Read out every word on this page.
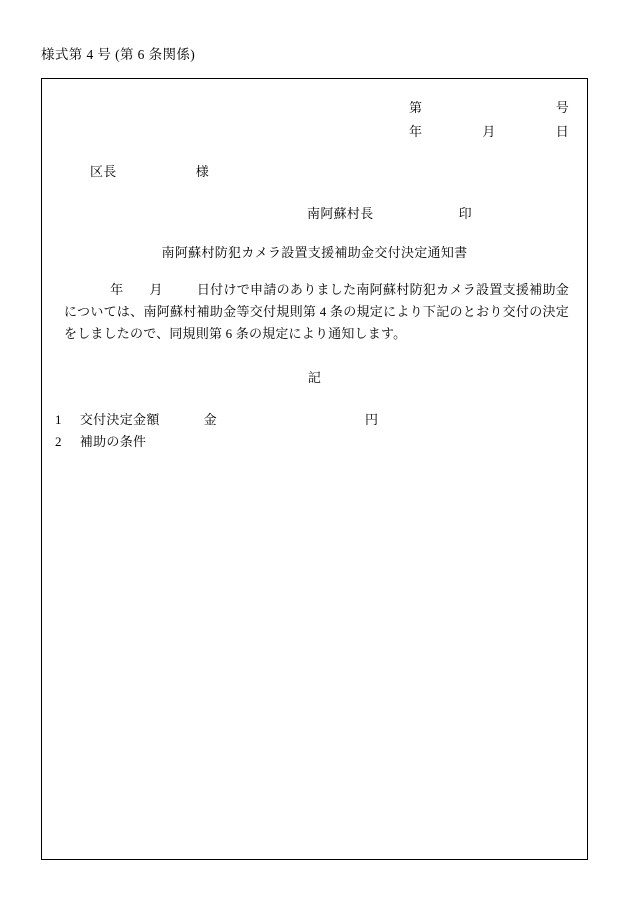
様式第 4 号 (第 6 条関係)
第	号
年	月	日
区長	様
南阿蘇村長	印
南阿蘇村防犯カメラ設置支援補助金交付決定通知書
年 月	日付けで申請のありました南阿蘇村防犯カメラ設置支援補助金については、南阿蘇村補助金等交付規則第 4 条の規定により下記のとおり交付の決定をしましたので、同規則第 6 条の規定により通知します。
記
1 交付決定金額	金	円
2 補助の条件
